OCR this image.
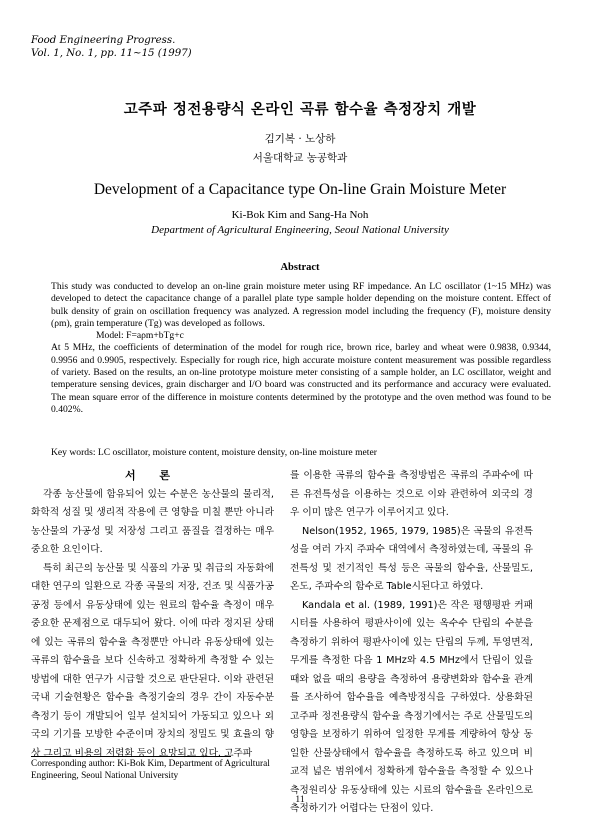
Food Engineering Progress.
Vol. 1, No. 1, pp. 11~15 (1997)
고주파 정전용량식 온라인 곡류 함수율 측정장치 개발
김기복 · 노상하
서울대학교 농공학과
Development of a Capacitance type On-line Grain Moisture Meter
Ki-Bok Kim and Sang-Ha Noh
Department of Agricultural Engineering, Seoul National University
Abstract

This study was conducted to develop an on-line grain moisture meter using RF impedance. An LC oscillator (1~15 MHz) was developed to detect the capacitance change of a parallel plate type sample holder depending on the moisture content. Effect of bulk density of grain on oscillation frequency was analyzed. A regression model including the frequency (F), moisture density (ρm), grain temperature (Tg) was developed as follows.

Model: F=aρm+bTg+c

At 5 MHz, the coefficients of determination of the model for rough rice, brown rice, barley and wheat were 0.9838, 0.9344, 0.9956 and 0.9905, respectively. Especially for rough rice, high accurate moisture content measurement was possible regardless of variety. Based on the results, an on-line prototype moisture meter consisting of a sample holder, an LC oscillator, weight and temperature sensing devices, grain discharger and I/O board was constructed and its performance and accuracy were evaluated. The mean square error of the difference in moisture contents determined by the prototype and the oven method was found to be 0.402%.

Key words: LC oscillator, moisture content, moisture density, on-line moisture meter

서 론

각종 농산물에 함유되어 있는 수분은 농산물의 물리적, 화학적 성질 및 생리적 작용에 큰 영향을 미칠 뿐만 아니라 농산물의 가공성 및 저장성 그리고 품질을 결정하는 매우 중요한 요인이다.

특히 최근의 농산물 및 식품의 가공 및 취급의 자동화에 대한 연구의 일환으로 각종 곡물의 저장, 건조 및 식품가공공정 등에서 유동상태에 있는 원료의 함수율 측정이 매우 중요한 문제점으로 대두되어 왔다. 이에 따라 정지된 상태에 있는 곡류의 함수율 측정뿐만 아니라 유동상태에 있는 곡류의 함수율을 보다 신속하고 정확하게 측정할 수 있는 방법에 대한 연구가 시급할 것으로 판단된다. 이와 관련된 국내 기술현황은 함수율 측정기술의 경우 간이 자동수분측정기 등이 개발되어 일부 설치되어 가동되고 있으나 외국의 기기를 모방한 수준이며 장치의 정밀도 및 효율의 향상 그리고 비용의 저렴화 등이 요망되고 있다. 고주파

를 이용한 곡류의 함수율 측정방법은 곡류의 주파수에 따른 유전특성을 이용하는 것으로 이와 관련하여 외국의 경우 이미 많은 연구가 이루어지고 있다.

Nelson(1952, 1965, 1979, 1985)은 곡물의 유전특성을 여러 가지 주파수 대역에서 측정하였는데, 곡물의 유전특성 및 전기적인 특성 등은 곡물의 함수율, 산물밀도, 온도, 주파수의 함수로 Table시된다고 하였다.

Kandala et al. (1989, 1991)은 작은 평행평판 커패시터를 사용하여 평판사이에 있는 옥수수 단립의 수분을 측정하기 위하여 평판사이에 있는 단립의 두께, 투영면적, 무게를 측정한 다음 1 MHz와 4.5 MHz에서 단립이 있을 때와 없을 때의 용량을 측정하여 용량변화와 함수율 관계를 조사하여 함수율을 예측방정식을 구하였다. 상용화된 고주파 정전용량식 함수율 측정기에서는 주로 산물밀도의 영향을 보정하기 위하여 일정한 무게를 계량하여 항상 동일한 산물상태에서 함수율을 측정하도록 하고 있으며 비교적 넓은 범위에서 정확하게 함수율을 측정할 수 있으나 측정원리상 유동상태에 있는 시료의 함수율을 온라인으로 측정하기가 어렵다는 단점이 있다.

Corresponding author: Ki-Bok Kim, Department of Agricultural Engineering, Seoul National University
11
